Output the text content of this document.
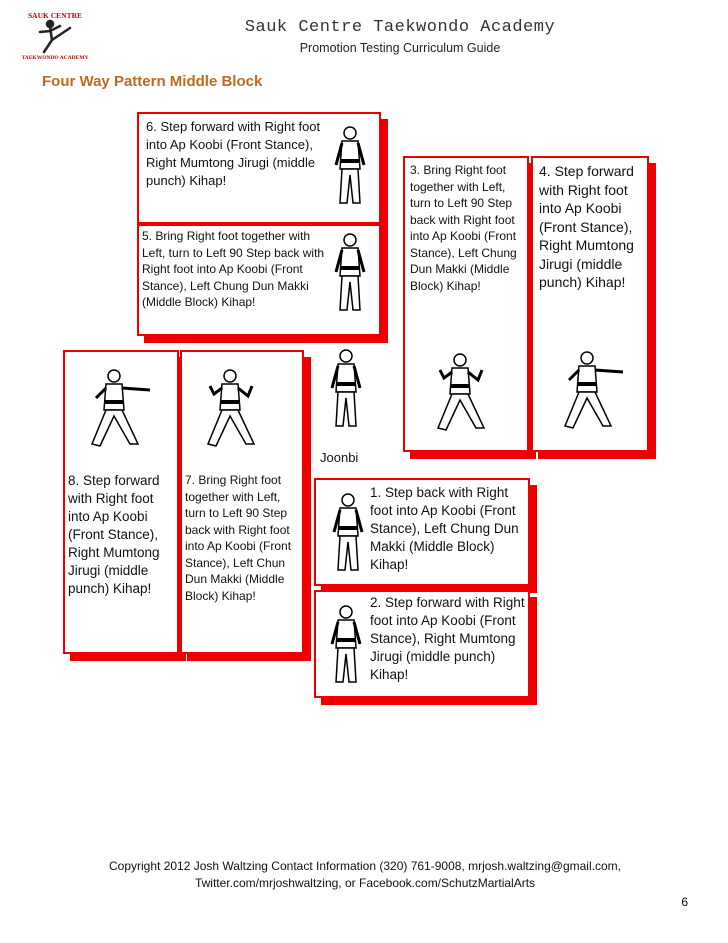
SAUK CENTRE
TAEKWONDO ACADEMY
Sauk Centre Taekwondo Academy
Promotion Testing Curriculum Guide
Four Way Pattern Middle Block
6. Step forward with Right foot into Ap Koobi (Front Stance), Right Mumtong Jirugi (middle punch) Kihap!
5. Bring Right foot together with Left, turn to Left 90 Step back with Right foot into Ap Koobi (Front Stance), Left Chung Dun Makki (Middle Block) Kihap!
3. Bring Right foot together with Left, turn to Left 90 Step back with Right foot into Ap Koobi (Front Stance), Left Chung Dun Makki (Middle Block) Kihap!
4. Step forward with Right foot into Ap Koobi (Front Stance), Right Mumtong Jirugi (middle punch) Kihap!
8. Step forward with Right foot into Ap Koobi (Front Stance), Right Mumtong Jirugi (middle punch) Kihap!
7. Bring Right foot together with Left, turn to Left 90 Step back with Right foot into Ap Koobi (Front Stance), Left Chun Dun Makki (Middle Block) Kihap!
Joonbi
1. Step back with Right foot into Ap Koobi (Front Stance), Left Chung Dun Makki (Middle Block) Kihap!
2. Step forward with Right foot into Ap Koobi (Front Stance), Right Mumtong Jirugi (middle punch) Kihap!
Copyright 2012 Josh Waltzing Contact Information (320) 761-9008, mrjosh.waltzing@gmail.com,
Twitter.com/mrjoshwaltzing, or Facebook.com/SchutzMartialArts
6
